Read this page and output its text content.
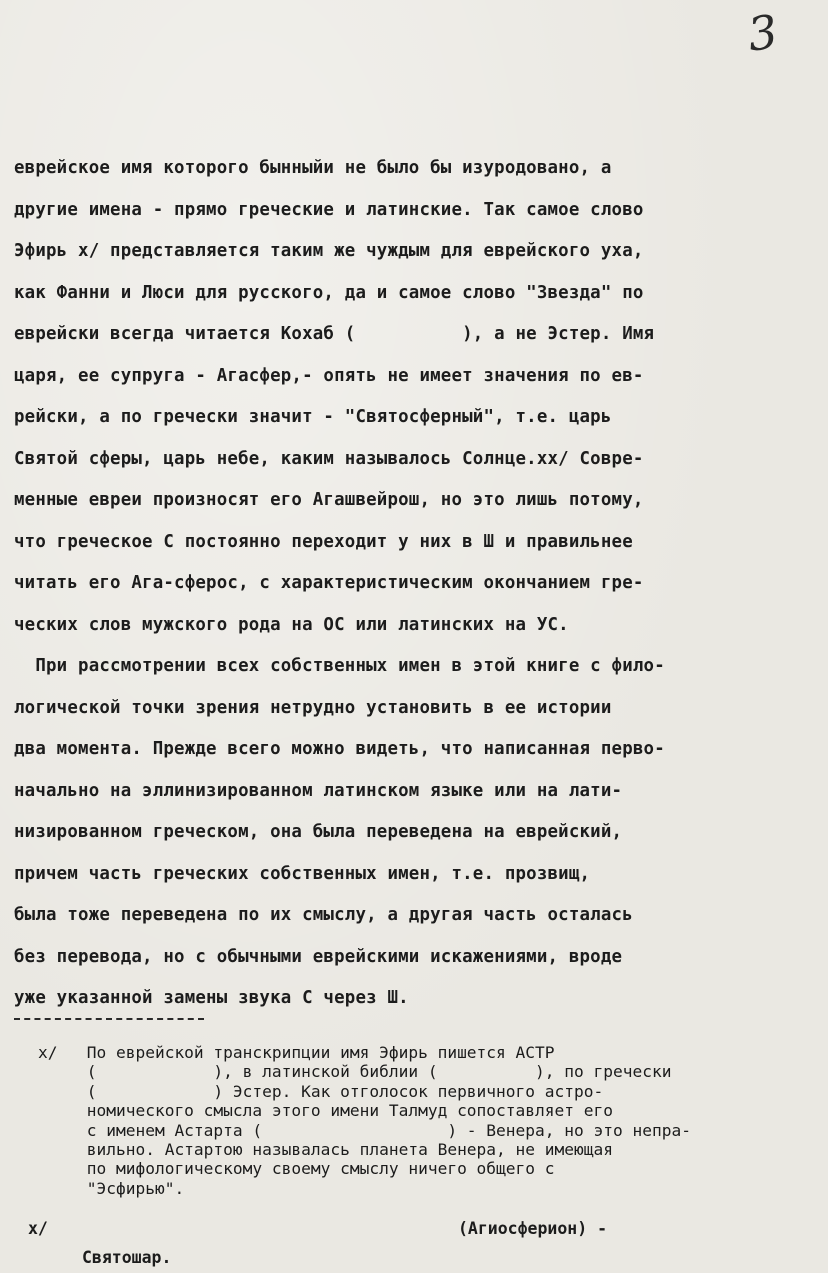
3
еврейское имя которого бынныйи не было бы изуродовано, а
другие имена - прямо греческие и латинские. Так самое слово
Эфирь x/ представляется таким же чуждым для еврейского уха,
как Фанни и Люси для русского, да и самое слово "Звезда" по
еврейски всегда читается Кохаб (          ), а не Эстер. Имя
царя, ее супруга - Агасфер,- опять не имеет значения по ев-
рейски, а по гречески значит - "Святосферный", т.е. царь
Святой сферы, царь небе, каким называлось Солнце.xx/ Совре-
менные евреи произносят его Агашвейрош, но это лишь потому,
что греческое С постоянно переходит у них в Ш и правильнее
читать его Ага-сферос, с характеристическим окончанием гре-
ческих слов мужского рода на ОС или латинских на УС.
При рассмотрении всех собственных имен в этой книге с фило-
логической точки зрения нетрудно установить в ее истории
два момента. Прежде всего можно видеть, что написанная перво-
начально на эллинизированном латинском языке или на лати-
низированном греческом, она была переведена на еврейский,
причем часть греческих собственных имен, т.е. прозвищ,
была тоже переведена по их смыслу, а другая часть осталась
без перевода, но с обычными еврейскими искажениями, вроде
уже указанной замены звука С через Ш.
x/   По еврейской транскрипции имя Эфирь пишется АСТР
(            ), в латинской библии (          ), по гречески
(            ) Эстер. Как отголосок первичного астро-
номического смысла этого имени Талмуд сопоставляет его
с именем Астарта (                   ) - Венера, но это непра-
вильно. Астартою называлась планета Венера, не имеющая
по мифологическому своему смыслу ничего общего с
"Эсфирью".
x/	(Агиосферион) -
Святошар.
